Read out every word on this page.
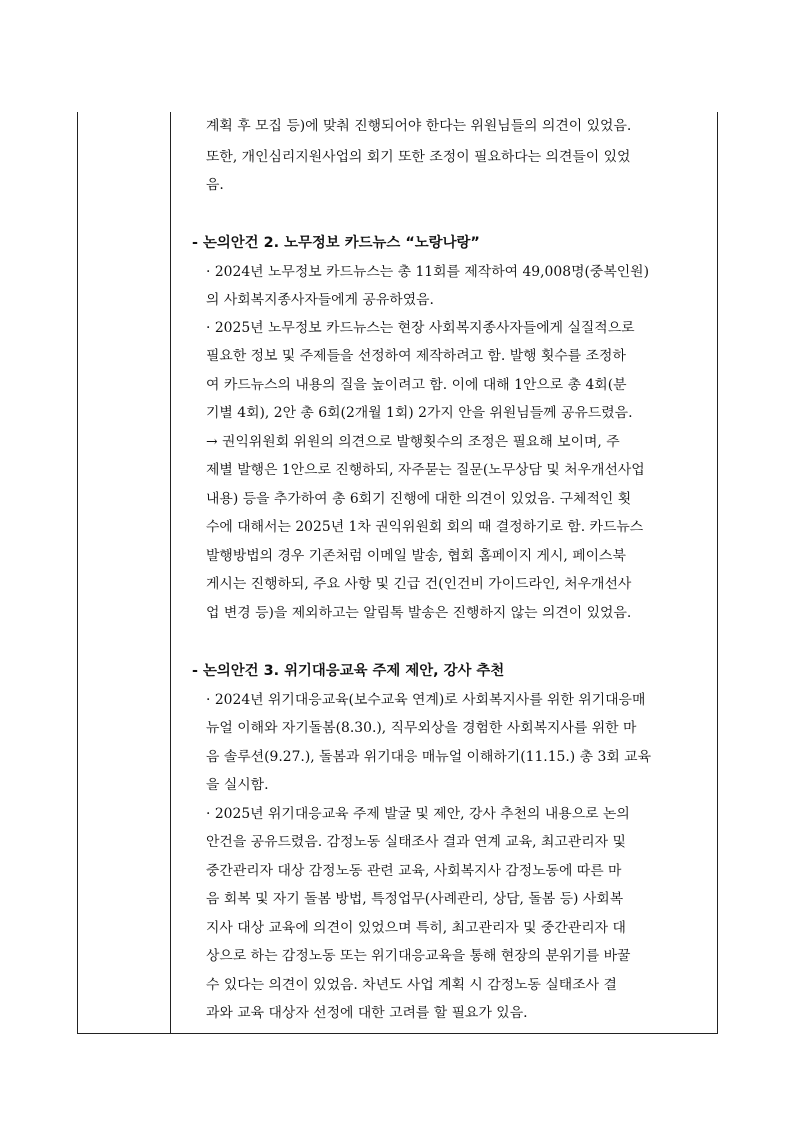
계획 후 모집 등)에 맞춰 진행되어야 한다는 위원님들의 의견이 있었음.
또한, 개인심리지원사업의 회기 또한 조정이 필요하다는 의견들이 있었
음.
- 논의안건 2. 노무정보 카드뉴스 “노랑나랑”
· 2024년 노무정보 카드뉴스는 총 11회를 제작하여 49,008명(중복인원)
의 사회복지종사자들에게 공유하였음.
· 2025년 노무정보 카드뉴스는 현장 사회복지종사자들에게 실질적으로
필요한 정보 및 주제들을 선정하여 제작하려고 함. 발행 횟수를 조정하
여 카드뉴스의 내용의 질을 높이려고 함. 이에 대해 1안으로 총 4회(분
기별 4회), 2안 총 6회(2개월 1회) 2가지 안을 위원님들께 공유드렸음.
→ 권익위원회 위원의 의견으로 발행횟수의 조정은 필요해 보이며, 주
제별 발행은 1안으로 진행하되, 자주묻는 질문(노무상담 및 처우개선사업
내용) 등을 추가하여 총 6회기 진행에 대한 의견이 있었음. 구체적인 횟
수에 대해서는 2025년 1차 권익위원회 회의 때 결정하기로 함. 카드뉴스
발행방법의 경우 기존처럼 이메일 발송, 협회 홈페이지 게시, 페이스북
게시는 진행하되, 주요 사항 및 긴급 건(인건비 가이드라인, 처우개선사
업 변경 등)을 제외하고는 알림톡 발송은 진행하지 않는 의견이 있었음.
- 논의안건 3. 위기대응교육 주제 제안, 강사 추천
· 2024년 위기대응교육(보수교육 연계)로 사회복지사를 위한 위기대응매
뉴얼 이해와 자기돌봄(8.30.), 직무외상을 경험한 사회복지사를 위한 마
음 솔루션(9.27.), 돌봄과 위기대응 매뉴얼 이해하기(11.15.) 총 3회 교육
을 실시함.
· 2025년 위기대응교육 주제 발굴 및 제안, 강사 추천의 내용으로 논의
안건을 공유드렸음. 감정노동 실태조사 결과 연계 교육, 최고관리자 및
중간관리자 대상 감정노동 관련 교육, 사회복지사 감정노동에 따른 마
음 회복 및 자기 돌봄 방법, 특정업무(사례관리, 상담, 돌봄 등) 사회복
지사 대상 교육에 의견이 있었으며 특히, 최고관리자 및 중간관리자 대
상으로 하는 감정노동 또는 위기대응교육을 통해 현장의 분위기를 바꿀
수 있다는 의견이 있었음. 차년도 사업 계획 시 감정노동 실태조사 결
과와 교육 대상자 선정에 대한 고려를 할 필요가 있음.
